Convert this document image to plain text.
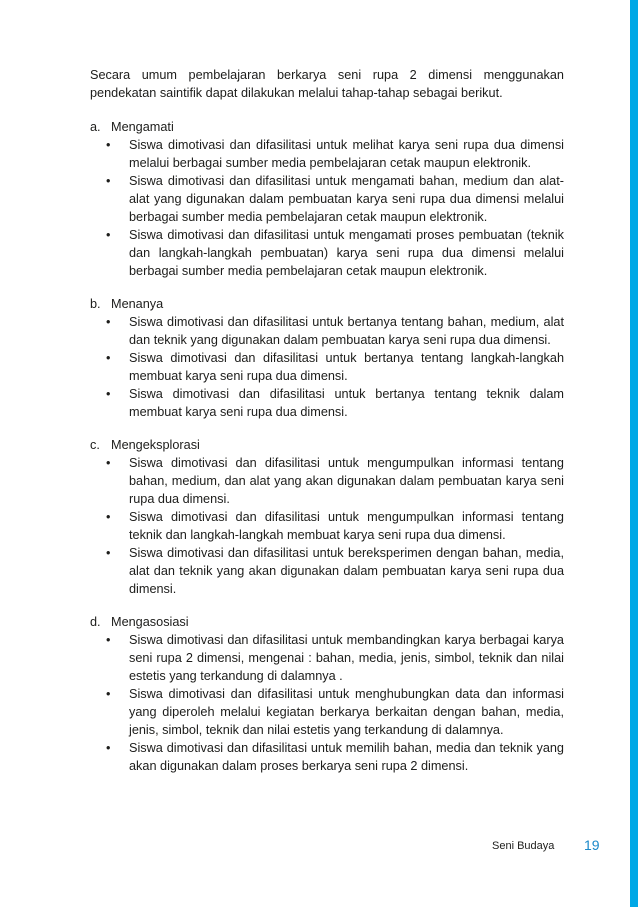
Secara umum pembelajaran berkarya seni rupa 2 dimensi menggunakan pendekatan saintifik dapat dilakukan melalui tahap-tahap sebagai berikut.

a. Mengamati
•	Siswa dimotivasi dan difasilitasi untuk melihat karya seni rupa dua dimensi melalui berbagai sumber media pembelajaran cetak maupun elektronik.
•	Siswa dimotivasi dan difasilitasi untuk mengamati bahan, medium dan alat-alat yang digunakan dalam pembuatan karya seni rupa dua dimensi melalui berbagai sumber media pembelajaran cetak maupun elektronik.
•	Siswa dimotivasi dan difasilitasi untuk mengamati proses pembuatan (teknik dan langkah-langkah pembuatan) karya seni rupa dua dimensi melalui berbagai sumber media pembelajaran cetak maupun elektronik.
b. Menanya
•	Siswa dimotivasi dan difasilitasi untuk bertanya tentang bahan, medium, alat dan teknik yang digunakan dalam pembuatan karya seni rupa dua dimensi.
•	Siswa dimotivasi dan difasilitasi untuk bertanya tentang langkah-langkah membuat karya seni rupa dua dimensi.
•	Siswa dimotivasi dan difasilitasi untuk bertanya tentang teknik dalam membuat karya seni rupa dua dimensi.
c. Mengeksplorasi
•	Siswa dimotivasi dan difasilitasi untuk mengumpulkan informasi tentang bahan, medium, dan alat yang akan digunakan dalam pembuatan karya seni rupa dua dimensi.
•	Siswa dimotivasi dan difasilitasi untuk mengumpulkan informasi tentang teknik dan langkah-langkah membuat karya seni rupa dua dimensi.
•	Siswa dimotivasi dan difasilitasi untuk bereksperimen dengan bahan, media, alat dan teknik yang akan digunakan dalam pembuatan karya seni rupa dua dimensi.
d. Mengasosiasi
•	Siswa dimotivasi dan difasilitasi untuk membandingkan karya berbagai karya seni rupa 2 dimensi, mengenai : bahan, media, jenis, simbol, teknik dan nilai estetis yang terkandung di dalamnya .
•	Siswa dimotivasi dan difasilitasi untuk menghubungkan data dan informasi yang diperoleh melalui kegiatan berkarya berkaitan dengan bahan, media, jenis, simbol, teknik dan nilai estetis yang terkandung di dalamnya.
•	Siswa dimotivasi dan difasilitasi untuk memilih bahan, media dan teknik yang akan digunakan dalam proses berkarya seni rupa 2 dimensi.
Seni Budaya 19
